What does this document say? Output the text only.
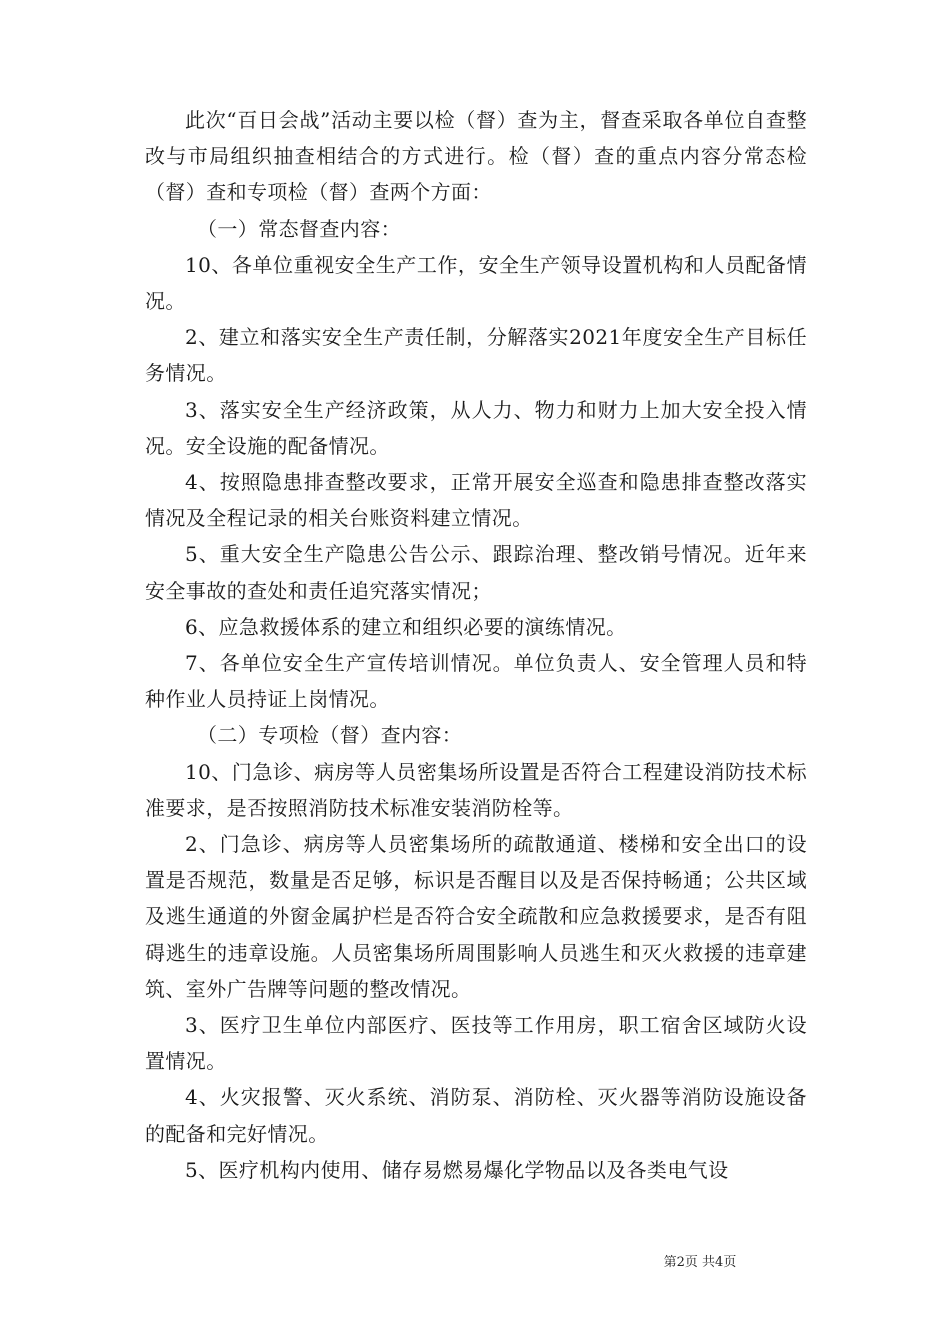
此次“百日会战”活动主要以检（督）查为主，督查采取各单位自查整改与市局组织抽查相结合的方式进行。检（督）查的重点内容分常态检（督）查和专项检（督）查两个方面：

（一）常态督查内容：

10、各单位重视安全生产工作，安全生产领导设置机构和人员配备情况。

2、建立和落实安全生产责任制，分解落实2021年度安全生产目标任务情况。

3、落实安全生产经济政策，从人力、物力和财力上加大安全投入情况。安全设施的配备情况。

4、按照隐患排查整改要求，正常开展安全巡查和隐患排查整改落实情况及全程记录的相关台账资料建立情况。

5、重大安全生产隐患公告公示、跟踪治理、整改销号情况。近年来安全事故的查处和责任追究落实情况；

6、应急救援体系的建立和组织必要的演练情况。

7、各单位安全生产宣传培训情况。单位负责人、安全管理人员和特种作业人员持证上岗情况。

（二）专项检（督）查内容：

10、门急诊、病房等人员密集场所设置是否符合工程建设消防技术标准要求，是否按照消防技术标准安装消防栓等。

2、门急诊、病房等人员密集场所的疏散通道、楼梯和安全出口的设置是否规范，数量是否足够，标识是否醒目以及是否保持畅通；公共区域及逃生通道的外窗金属护栏是否符合安全疏散和应急救援要求，是否有阻碍逃生的违章设施。人员密集场所周围影响人员逃生和灭火救援的违章建筑、室外广告牌等问题的整改情况。

3、医疗卫生单位内部医疗、医技等工作用房，职工宿舍区域防火设置情况。

4、火灾报警、灭火系统、消防泵、消防栓、灭火器等消防设施设备的配备和完好情况。

5、医疗机构内使用、储存易燃易爆化学物品以及各类电气设

第2页 共4页
